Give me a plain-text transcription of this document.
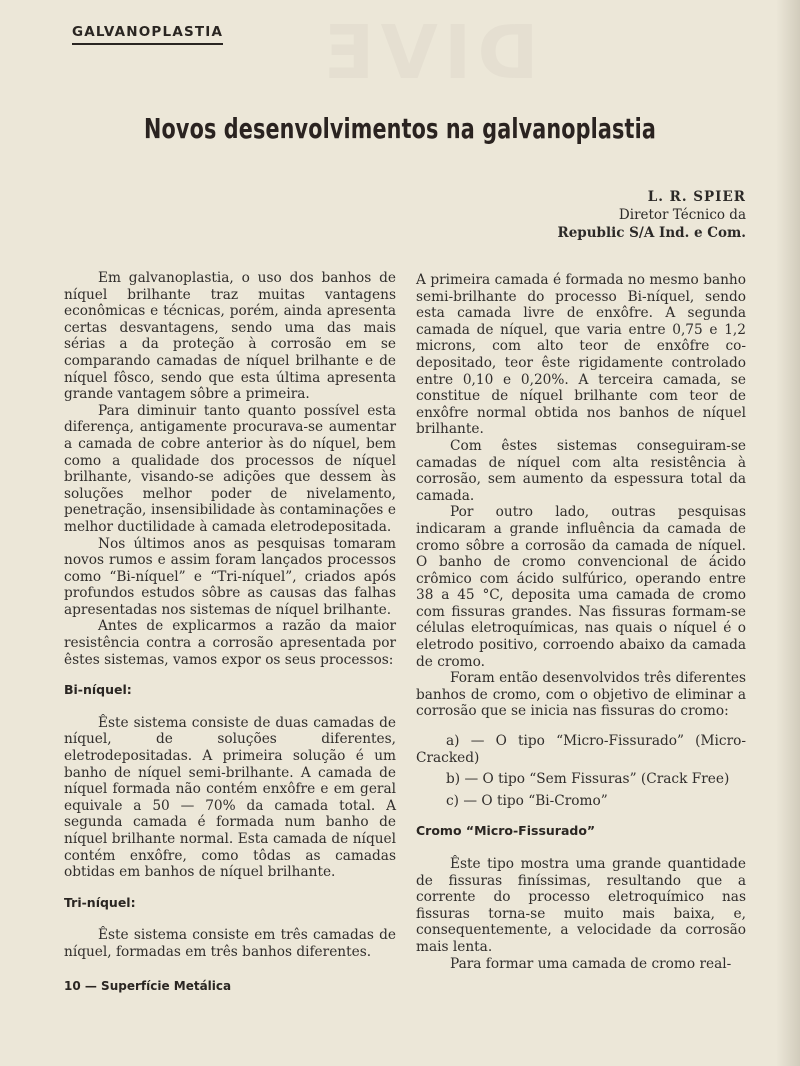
DIVE
GALVANOPLASTIA
Novos desenvolvimentos na galvanoplastia
L. R. SPIER
Diretor Técnico da
Republic S/A Ind. e Com.

Em galvanoplastia, o uso dos banhos de níquel brilhante traz muitas vantagens econômicas e técnicas, porém, ainda apresenta certas desvantagens, sendo uma das mais sérias a da proteção à corrosão em se comparando camadas de níquel brilhante e de níquel fôsco, sendo que esta última apresenta grande vantagem sôbre a primeira.

Para diminuir tanto quanto possível esta diferença, antigamente procurava-se aumentar a camada de cobre anterior às do níquel, bem como a qualidade dos processos de níquel brilhante, visando-se adições que dessem às soluções melhor poder de nivelamento, penetração, insensibilidade às contaminações e melhor ductilidade à camada eletrodepositada.

Nos últimos anos as pesquisas tomaram novos rumos e assim foram lançados processos como “Bi-níquel” e “Tri-níquel”, criados após profundos estudos sôbre as causas das falhas apresentadas nos sistemas de níquel brilhante.

Antes de explicarmos a razão da maior resistência contra a corrosão apresentada por êstes sistemas, vamos expor os seus processos:

Bi-níquel:

Êste sistema consiste de duas camadas de níquel, de soluções diferentes, eletrodepositadas. A primeira solução é um banho de níquel semi-brilhante. A camada de níquel formada não contém enxôfre e em geral equivale a 50 — 70% da camada total. A segunda camada é formada num banho de níquel brilhante normal. Esta camada de níquel contém enxôfre, como tôdas as camadas obtidas em banhos de níquel brilhante.

Tri-níquel:

Êste sistema consiste em três camadas de níquel, formadas em três banhos diferentes.

A primeira camada é formada no mesmo banho semi-brilhante do processo Bi-níquel, sendo esta camada livre de enxôfre. A segunda camada de níquel, que varia entre 0,75 e 1,2 microns, com alto teor de enxôfre co-depositado, teor êste rigidamente controlado entre 0,10 e 0,20%. A terceira camada, se constitue de níquel brilhante com teor de enxôfre normal obtida nos banhos de níquel brilhante.

Com êstes sistemas conseguiram-se camadas de níquel com alta resistência à corrosão, sem aumento da espessura total da camada.

Por outro lado, outras pesquisas indicaram a grande influência da camada de cromo sôbre a corrosão da camada de níquel. O banho de cromo convencional de ácido crômico com ácido sulfúrico, operando entre 38 a 45 °C, deposita uma camada de cromo com fissuras grandes. Nas fissuras formam-se células eletroquímicas, nas quais o níquel é o eletrodo positivo, corroendo abaixo da camada de cromo.

Foram então desenvolvidos três diferentes banhos de cromo, com o objetivo de eliminar a corrosão que se inicia nas fissuras do cromo:

a) — O tipo “Micro-Fissurado” (Micro-Cracked)

b) — O tipo “Sem Fissuras” (Crack Free)

c) — O tipo “Bi-Cromo”

Cromo “Micro-Fissurado”

Êste tipo mostra uma grande quantidade de fissuras finíssimas, resultando que a corrente do processo eletroquímico nas fissuras torna-se muito mais baixa, e, consequentemente, a velocidade da corrosão mais lenta.

Para formar uma camada de cromo real-

10 — Superfície Metálica
